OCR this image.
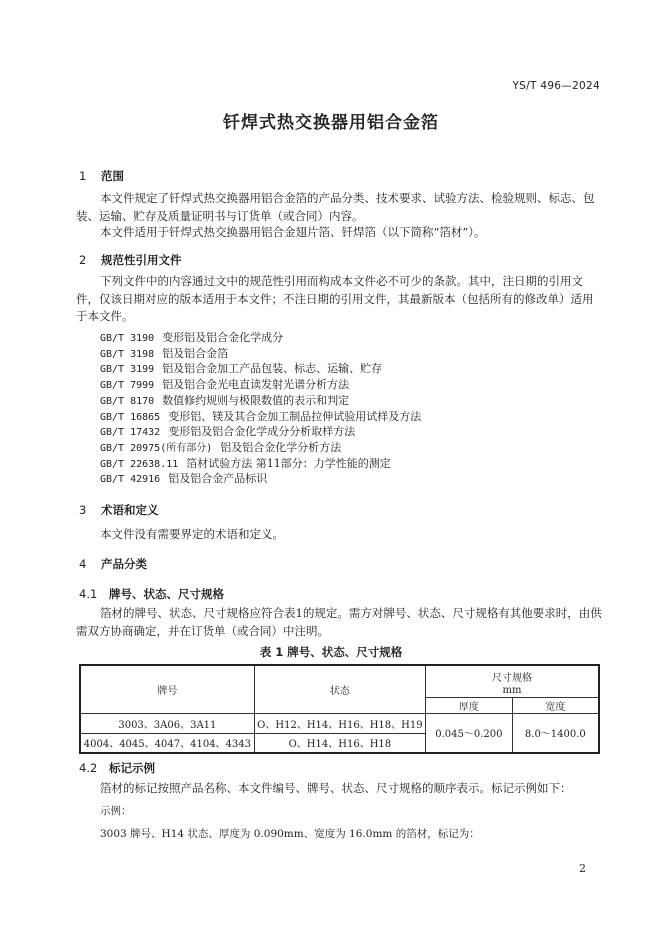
YS/T 496—2024
钎焊式热交换器用铝合金箔
1 范围
本文件规定了钎焊式热交换器用铝合金箔的产品分类、技术要求、试验方法、检验规则、标志、包装、运输、贮存及质量证明书与订货单（或合同）内容。
本文件适用于钎焊式热交换器用铝合金翅片箔、钎焊箔（以下简称“箔材”）。
2 规范性引用文件
下列文件中的内容通过文中的规范性引用而构成本文件必不可少的条款。其中，注日期的引用文件，仅该日期对应的版本适用于本文件；不注日期的引用文件，其最新版本（包括所有的修改单）适用于本文件。
GB/T 3190 变形铝及铝合金化学成分
GB/T 3198 铝及铝合金箔
GB/T 3199 铝及铝合金加工产品包装、标志、运输、贮存
GB/T 7999 铝及铝合金光电直读发射光谱分析方法
GB/T 8170 数值修约规则与极限数值的表示和判定
GB/T 16865 变形铝、镁及其合金加工制品拉伸试验用试样及方法
GB/T 17432 变形铝及铝合金化学成分分析取样方法
GB/T 20975(所有部分) 铝及铝合金化学分析方法
GB/T 22638.11 箔材试验方法 第11部分：力学性能的测定
GB/T 42916 铝及铝合金产品标识
3 术语和定义
本文件没有需要界定的术语和定义。
4 产品分类
4.1 牌号、状态、尺寸规格
箔材的牌号、状态、尺寸规格应符合表1的规定。需方对牌号、状态、尺寸规格有其他要求时，由供需双方协商确定，并在订货单（或合同）中注明。
表 1 牌号、状态、尺寸规格
牌号	状态	尺寸规格	
		mm	
		厚度	宽度
3003、3A06、3A11	O、H12、H14、H16、H18、H19	0.045～0.200	8.0～1400.0
4004、4045、4047、4104、4343	O、H14、H16、H18		
4.2 标记示例
箔材的标记按照产品名称、本文件编号、牌号、状态、尺寸规格的顺序表示。标记示例如下：
示例：
3003 牌号、H14 状态、厚度为 0.090mm、宽度为 16.0mm 的箔材，标记为：
2
